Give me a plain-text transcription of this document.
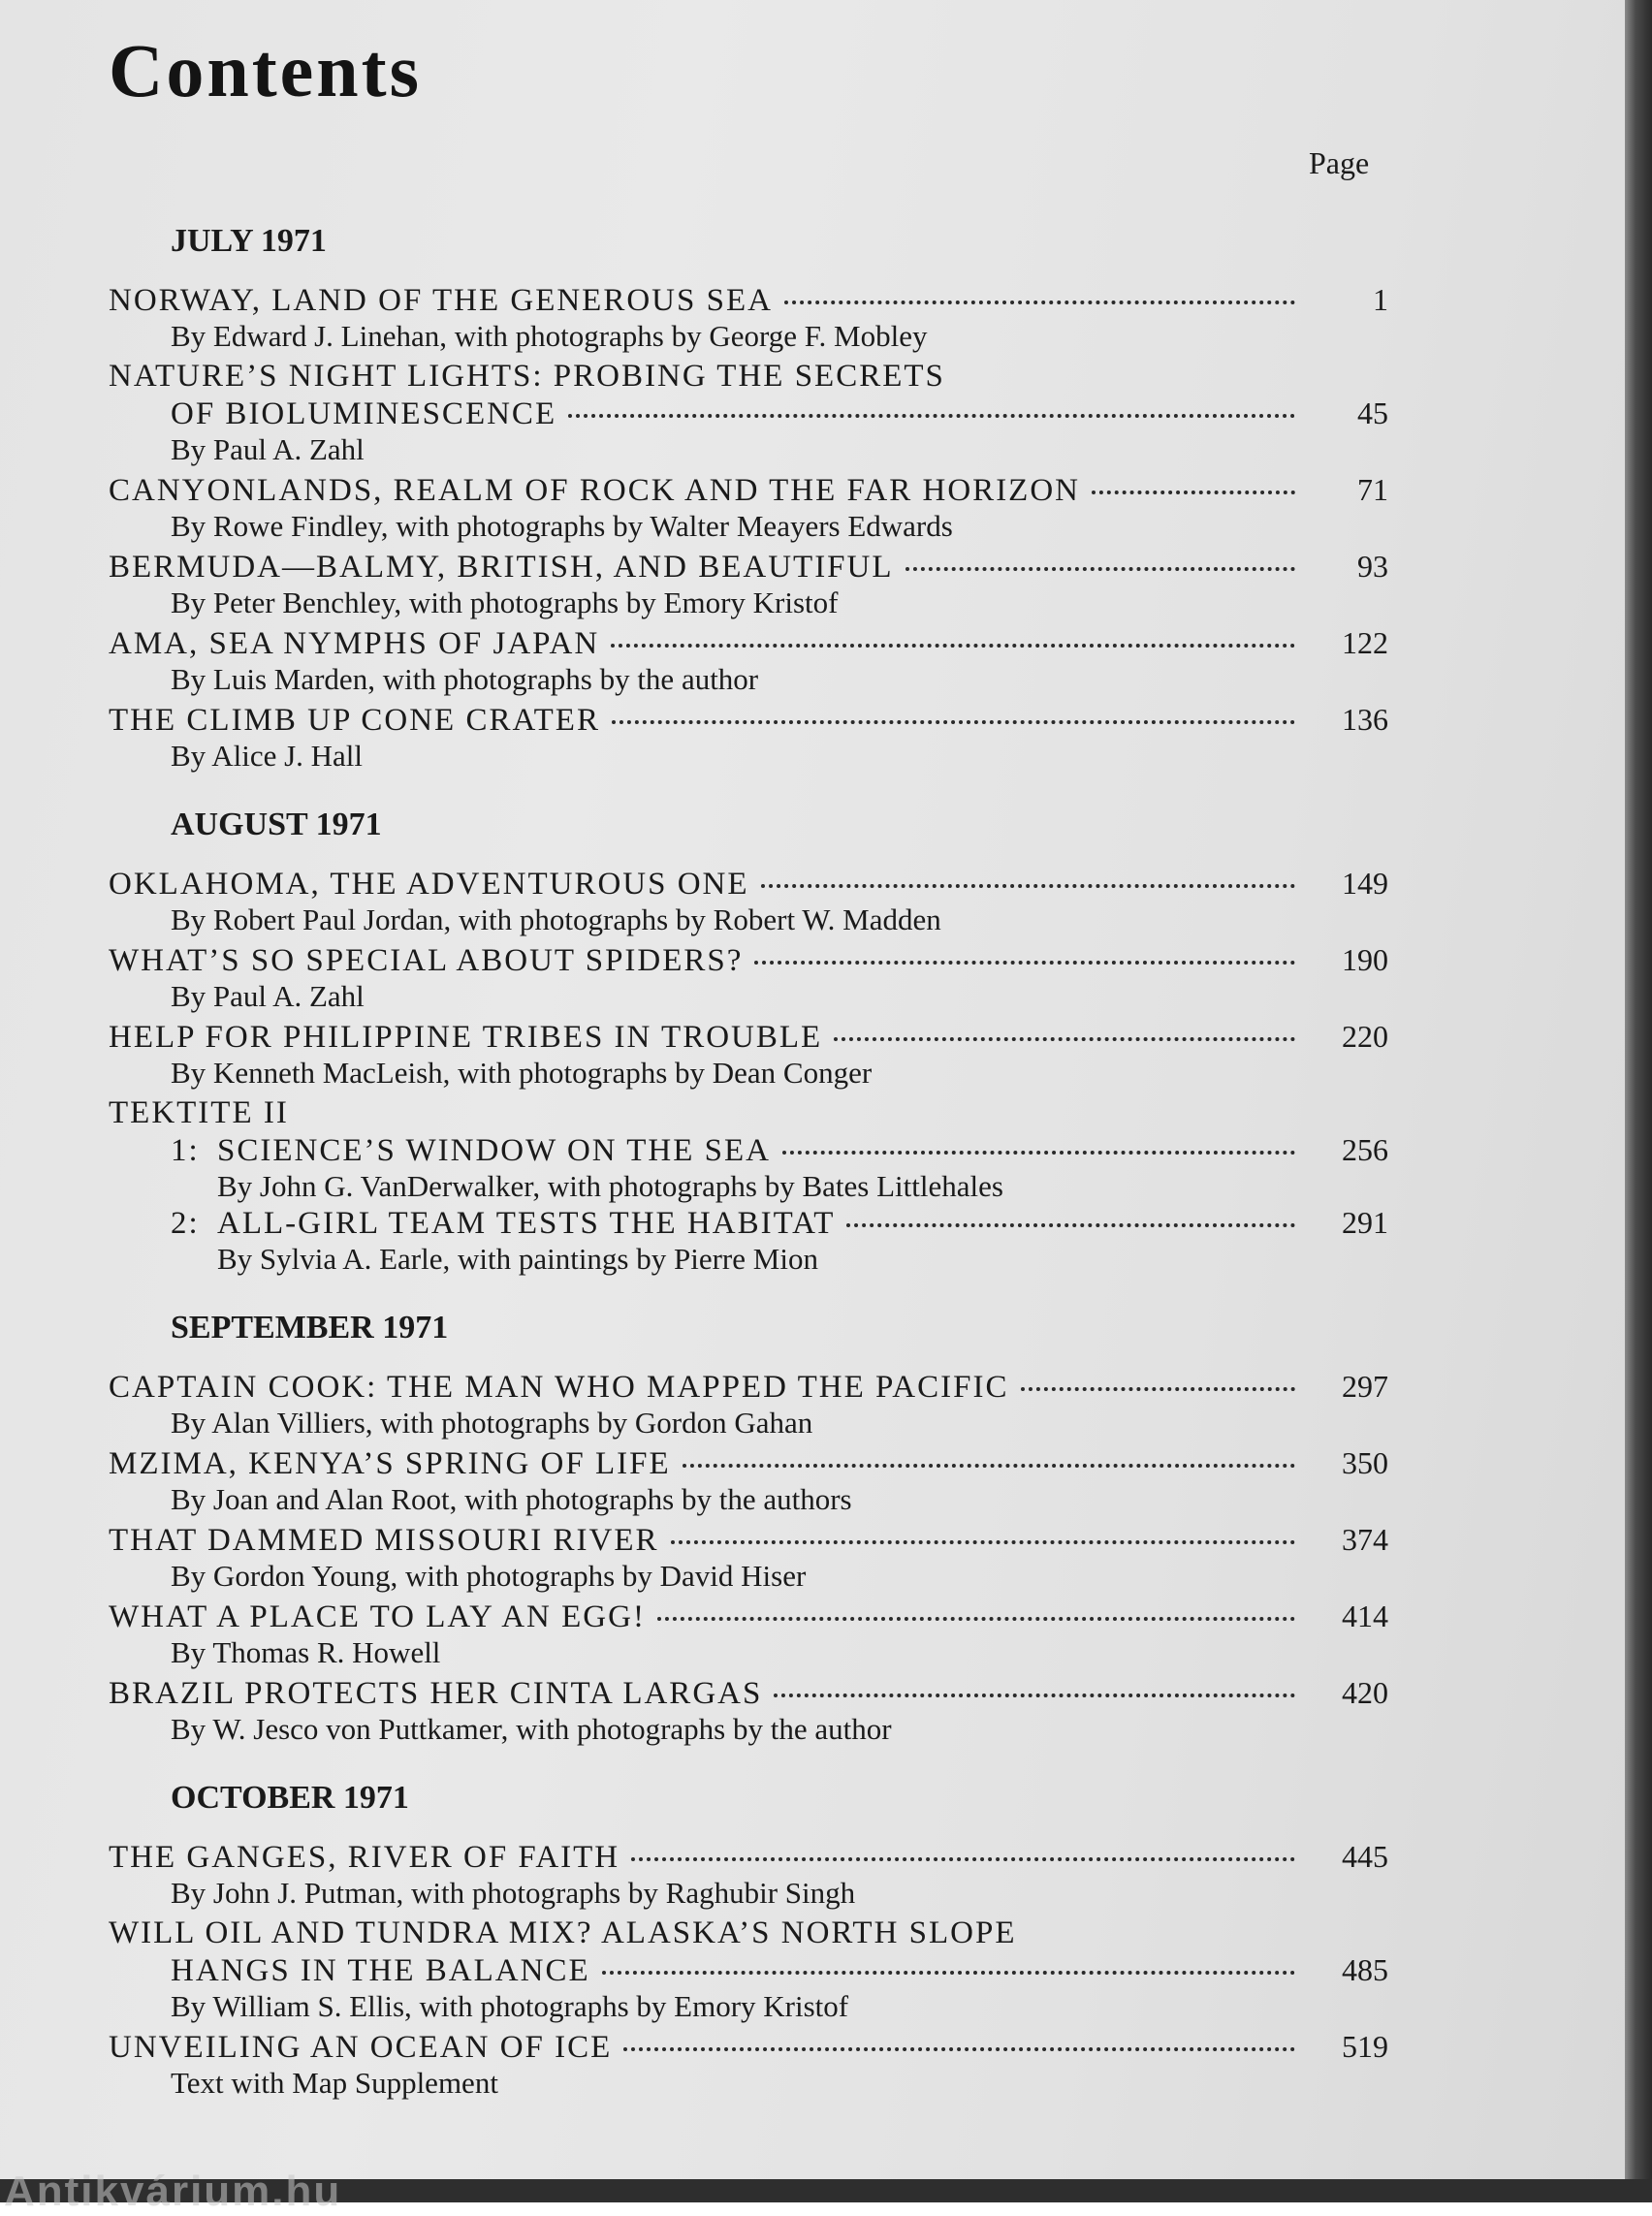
Contents
Page
JULY 1971
NORWAY, LAND OF THE GENEROUS SEA	1
By Edward J. Linehan, with photographs by George F. Mobley
NATURE’S NIGHT LIGHTS: PROBING THE SECRETS
OF BIOLUMINESCENCE	45
By Paul A. Zahl
CANYONLANDS, REALM OF ROCK AND THE FAR HORIZON	71
By Rowe Findley, with photographs by Walter Meayers Edwards
BERMUDA—BALMY, BRITISH, AND BEAUTIFUL	93
By Peter Benchley, with photographs by Emory Kristof
AMA, SEA NYMPHS OF JAPAN	122
By Luis Marden, with photographs by the author
THE CLIMB UP CONE CRATER	136
By Alice J. Hall
AUGUST 1971
OKLAHOMA, THE ADVENTUROUS ONE	149
By Robert Paul Jordan, with photographs by Robert W. Madden
WHAT’S SO SPECIAL ABOUT SPIDERS?	190
By Paul A. Zahl
HELP FOR PHILIPPINE TRIBES IN TROUBLE	220
By Kenneth MacLeish, with photographs by Dean Conger
TEKTITE II
1: SCIENCE’S WINDOW ON THE SEA	256
By John G. VanDerwalker, with photographs by Bates Littlehales
2: ALL-GIRL TEAM TESTS THE HABITAT	291
By Sylvia A. Earle, with paintings by Pierre Mion
SEPTEMBER 1971
CAPTAIN COOK: THE MAN WHO MAPPED THE PACIFIC	297
By Alan Villiers, with photographs by Gordon Gahan
MZIMA, KENYA’S SPRING OF LIFE	350
By Joan and Alan Root, with photographs by the authors
THAT DAMMED MISSOURI RIVER	374
By Gordon Young, with photographs by David Hiser
WHAT A PLACE TO LAY AN EGG!	414
By Thomas R. Howell
BRAZIL PROTECTS HER CINTA LARGAS	420
By W. Jesco von Puttkamer, with photographs by the author
OCTOBER 1971
THE GANGES, RIVER OF FAITH	445
By John J. Putman, with photographs by Raghubir Singh
WILL OIL AND TUNDRA MIX? ALASKA’S NORTH SLOPE
HANGS IN THE BALANCE	485
By William S. Ellis, with photographs by Emory Kristof
UNVEILING AN OCEAN OF ICE	519
Text with Map Supplement
Antikvárium.hu
